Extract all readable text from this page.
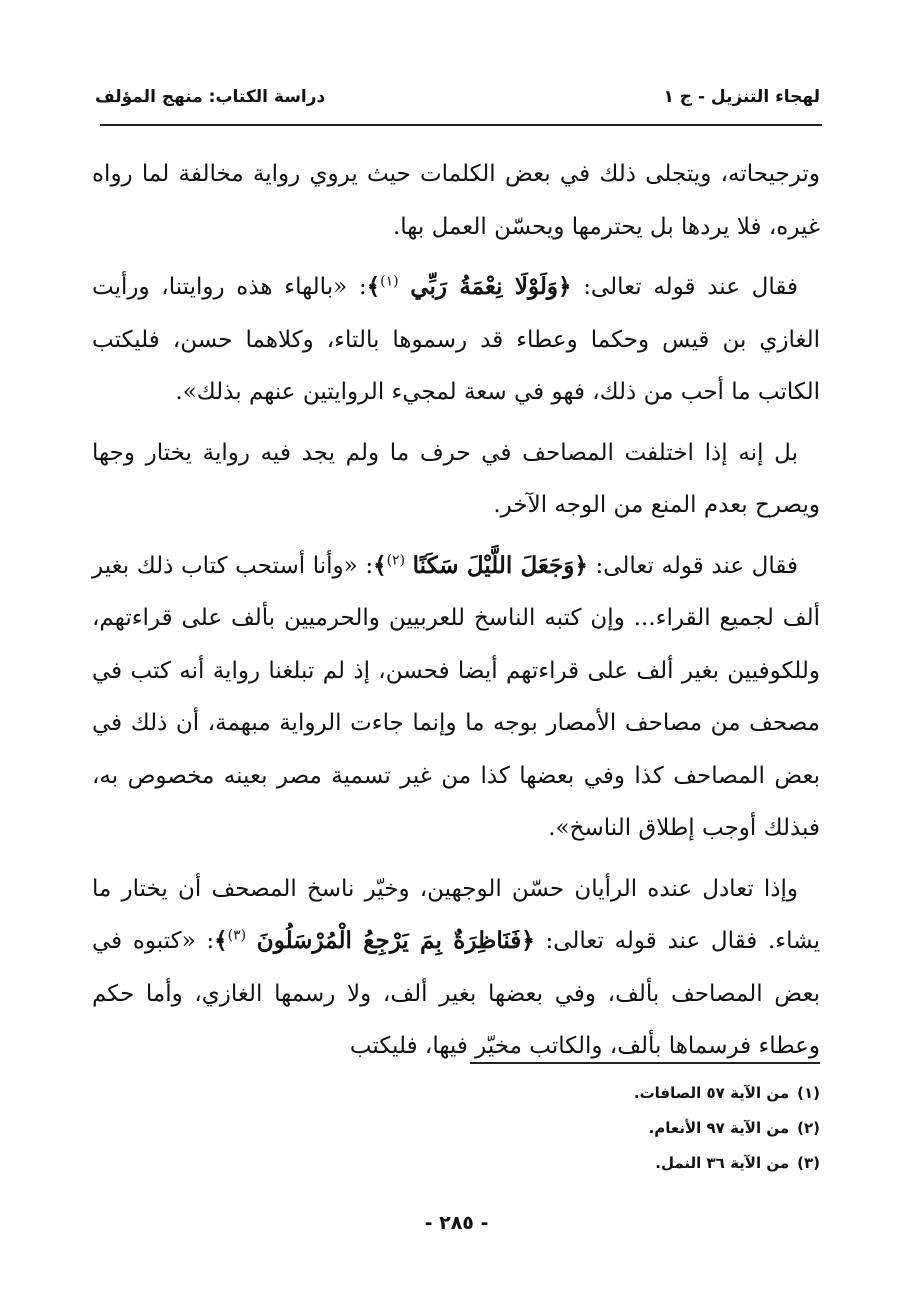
لهجاء التنزيل - ج ١
دراسة الكتاب: منهج المؤلف

وترجيحاته، ويتجلى ذلك في بعض الكلمات حيث يروي رواية مخالفة لما رواه غيره، فلا يردها بل يحترمها ويحسّن العمل بها.

فقال عند قوله تعالى: ﴿وَلَوْلَا نِعْمَةُ رَبِّي $^{(١)}$﴾: «بالهاء هذه روايتنا، ورأيت الغازي بن قيس وحكما وعطاء قد رسموها بالتاء، وكلاهما حسن، فليكتب الكاتب ما أحب من ذلك، فهو في سعة لمجيء الروايتين عنهم بذلك».

بل إنه إذا اختلفت المصاحف في حرف ما ولم يجد فيه رواية يختار وجها ويصرح بعدم المنع من الوجه الآخر.

فقال عند قوله تعالى: ﴿وَجَعَلَ اللَّيْلَ سَكَنًا $^{(٢)}$﴾: «وأنا أستحب كتاب ذلك بغير ألف لجميع القراء... وإن كتبه الناسخ للعربيين والحرميين بألف على قراءتهم، وللكوفيين بغير ألف على قراءتهم أيضا فحسن، إذ لم تبلغنا رواية أنه كتب في مصحف من مصاحف الأمصار بوجه ما وإنما جاءت الرواية مبهمة، أن ذلك في بعض المصاحف كذا وفي بعضها كذا من غير تسمية مصر بعينه مخصوص به، فبذلك أوجب إطلاق الناسخ».

وإذا تعادل عنده الرأيان حسّن الوجهين، وخيّر ناسخ المصحف أن يختار ما يشاء. فقال عند قوله تعالى: ﴿فَنَاظِرَةٌ بِمَ يَرْجِعُ الْمُرْسَلُونَ $^{(٣)}$﴾: «كتبوه في بعض المصاحف بألف، وفي بعضها بغير ألف، ولا رسمها الغازي، وأما حكم وعطاء فرسماها بألف، والكاتب مخيّر فيها، فليكتب

(١)من الآية ٥٧ الصافات.
(٢)من الآية ٩٧ الأنعام.
(٣)من الآية ٣٦ النمل.
- ٢٨٥ -
